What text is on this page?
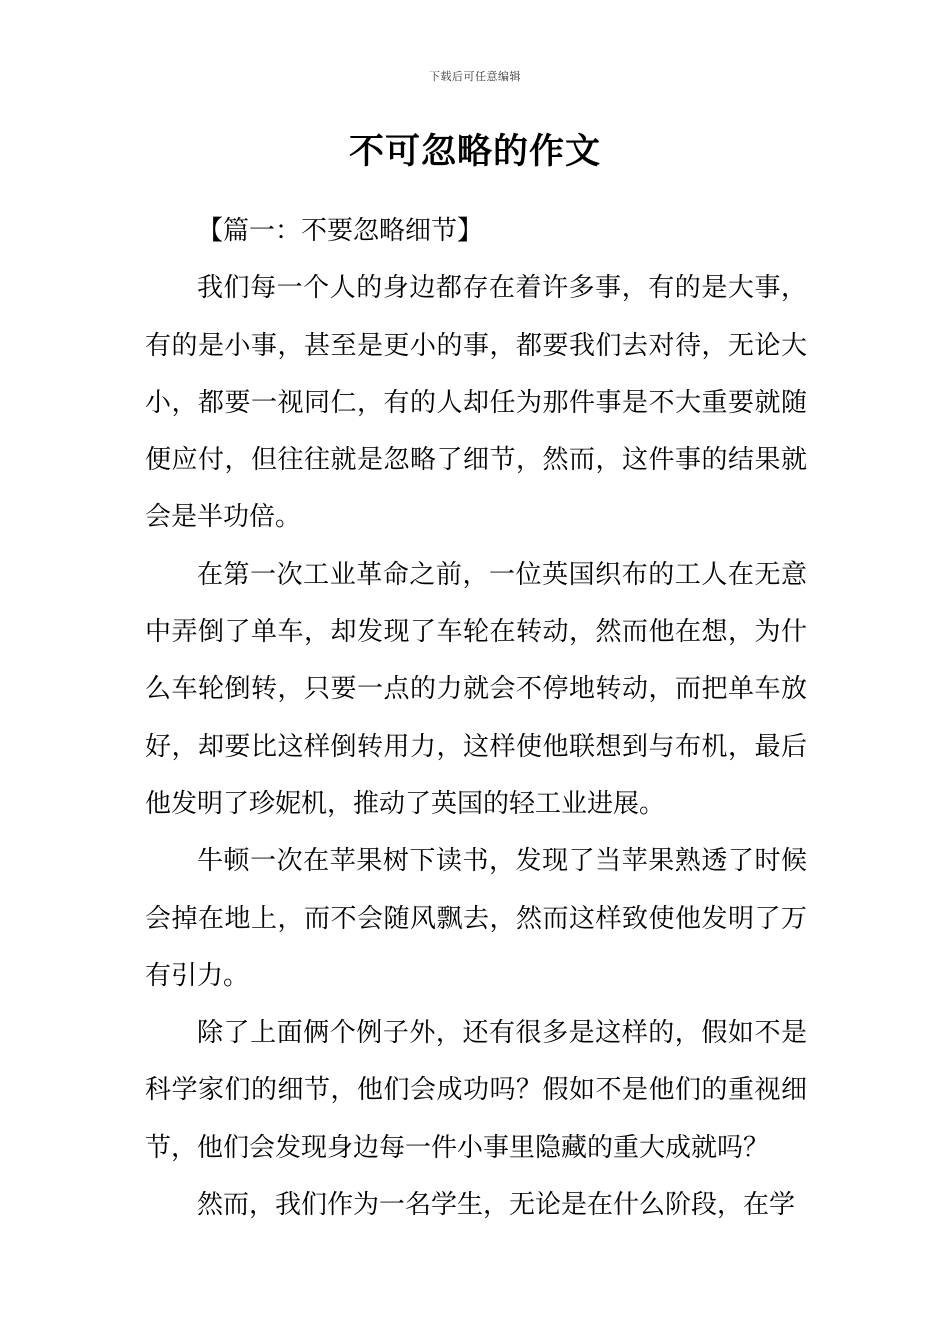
下载后可任意编辑
不可忽略的作文

【篇一：不要忽略细节】

我们每一个人的身边都存在着许多事，有的是大事，有的是小事，甚至是更小的事，都要我们去对待，无论大小，都要一视同仁，有的人却任为那件事是不大重要就随便应付，但往往就是忽略了细节，然而，这件事的结果就会是半功倍。

在第一次工业革命之前，一位英国织布的工人在无意中弄倒了单车，却发现了车轮在转动，然而他在想，为什么车轮倒转，只要一点的力就会不停地转动，而把单车放好，却要比这样倒转用力，这样使他联想到与布机，最后他发明了珍妮机，推动了英国的轻工业进展。

牛顿一次在苹果树下读书，发现了当苹果熟透了时候会掉在地上，而不会随风飘去，然而这样致使他发明了万有引力。

除了上面俩个例子外，还有很多是这样的，假如不是科学家们的细节，他们会成功吗？假如不是他们的重视细节，他们会发现身边每一件小事里隐藏的重大成就吗？

然而，我们作为一名学生，无论是在什么阶段，在学
